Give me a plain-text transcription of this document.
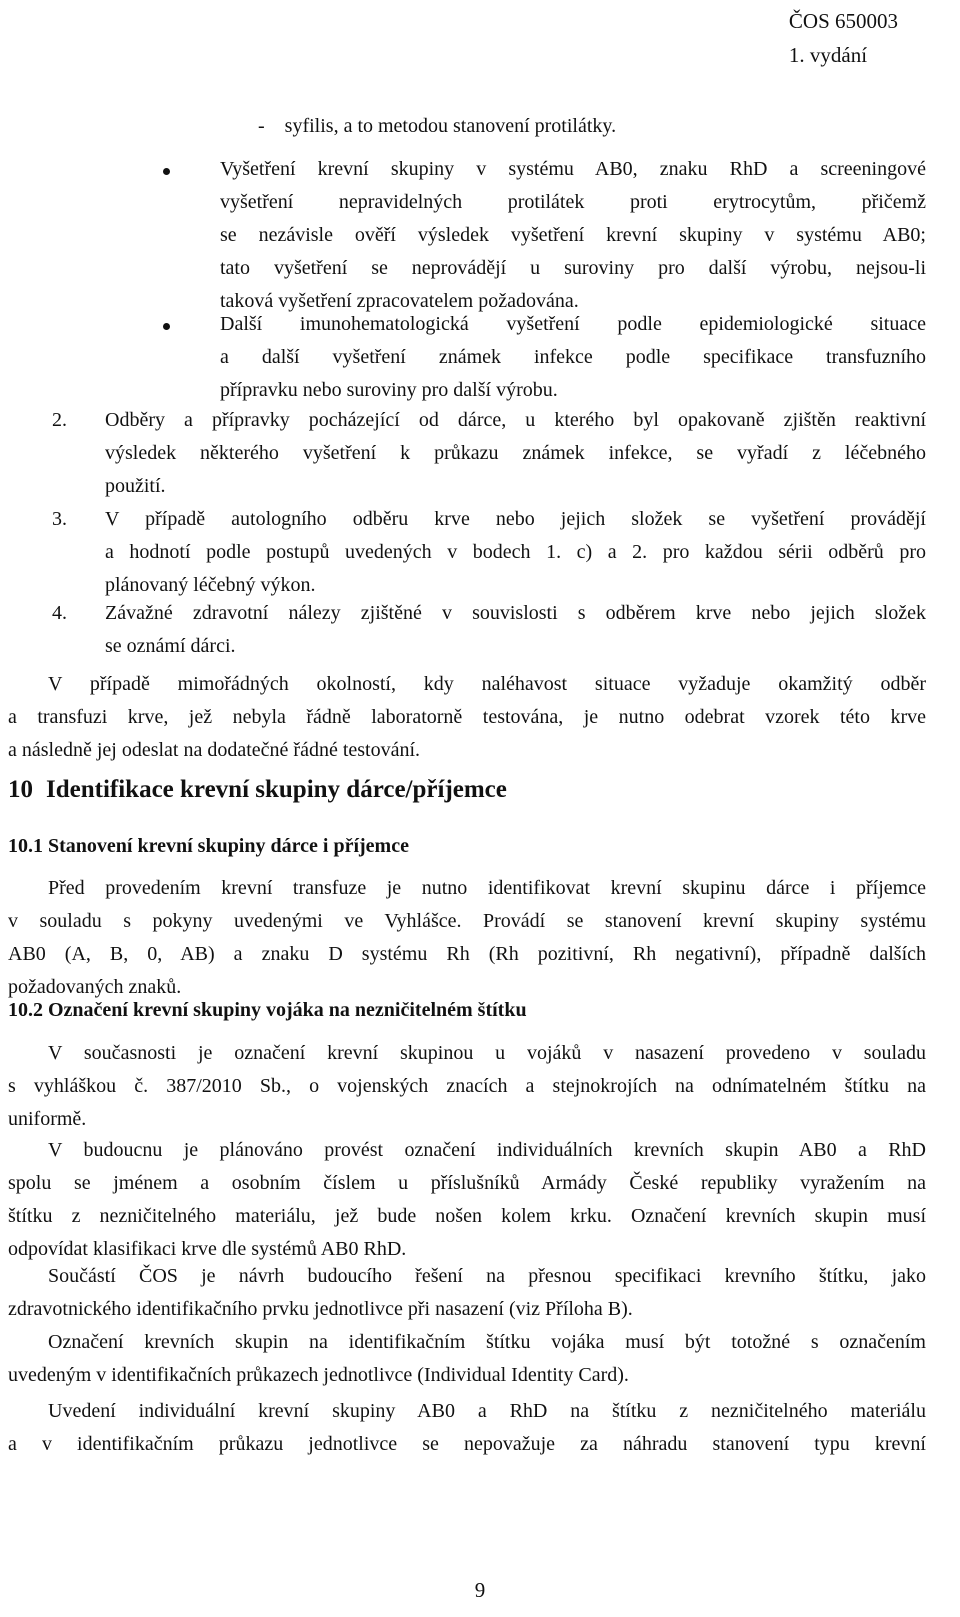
ČOS 650003
1. vydání
-    syfilis, a to metodou stanovení protilátky.
Vyšetření krevní skupiny v systému AB0, znaku RhD a screeningové
vyšetření nepravidelných protilátek proti erytrocytům, přičemž
se nezávisle ověří výsledek vyšetření krevní skupiny v systému AB0;
tato vyšetření se neprovádějí u suroviny pro další výrobu, nejsou-li
taková vyšetření zpracovatelem požadována.
Další imunohematologická vyšetření podle epidemiologické situace
a další vyšetření známek infekce podle specifikace transfuzního
přípravku nebo suroviny pro další výrobu.
2. Odběry a přípravky pocházející od dárce, u kterého byl opakovaně zjištěn reaktivní
výsledek některého vyšetření k průkazu známek infekce, se vyřadí z léčebného
použití.
3. V případě autologního odběru krve nebo jejich složek se vyšetření provádějí
a hodnotí podle postupů uvedených v bodech 1. c) a 2. pro každou sérii odběrů pro
plánovaný léčebný výkon.
4. Závažné zdravotní nálezy zjištěné v souvislosti s odběrem krve nebo jejich složek
se oznámí dárci.
V případě mimořádných okolností, kdy naléhavost situace vyžaduje okamžitý odběr
a transfuzi krve, jež nebyla řádně laboratorně testována, je nutno odebrat vzorek této krve
a následně jej odeslat na dodatečné řádné testování.
10 Identifikace krevní skupiny dárce/příjemce
10.1 Stanovení krevní skupiny dárce i příjemce
Před provedením krevní transfuze je nutno identifikovat krevní skupinu dárce i příjemce
v souladu s pokyny uvedenými ve Vyhlášce. Provádí se stanovení krevní skupiny systému
AB0 (A, B, 0, AB) a znaku D systému Rh (Rh pozitivní, Rh negativní), případně dalších
požadovaných znaků.
10.2 Označení krevní skupiny vojáka na nezničitelném štítku
V současnosti je označení krevní skupinou u vojáků v nasazení provedeno v souladu
s vyhláškou č. 387/2010 Sb., o vojenských znacích a stejnokrojích na odnímatelném štítku na
uniformě.
V budoucnu je plánováno provést označení individuálních krevních skupin AB0 a RhD
spolu se jménem a osobním číslem u příslušníků Armády České republiky vyražením na
štítku z nezničitelného materiálu, jež bude nošen kolem krku. Označení krevních skupin musí
odpovídat klasifikaci krve dle systémů AB0 RhD.
Součástí ČOS je návrh budoucího řešení na přesnou specifikaci krevního štítku, jako
zdravotnického identifikačního prvku jednotlivce při nasazení (viz Příloha B).
Označení krevních skupin na identifikačním štítku vojáka musí být totožné s označením
uvedeným v identifikačních průkazech jednotlivce (Individual Identity Card).
Uvedení individuální krevní skupiny AB0 a RhD na štítku z nezničitelného materiálu
a v identifikačním průkazu jednotlivce se nepovažuje za náhradu stanovení typu krevní
9
